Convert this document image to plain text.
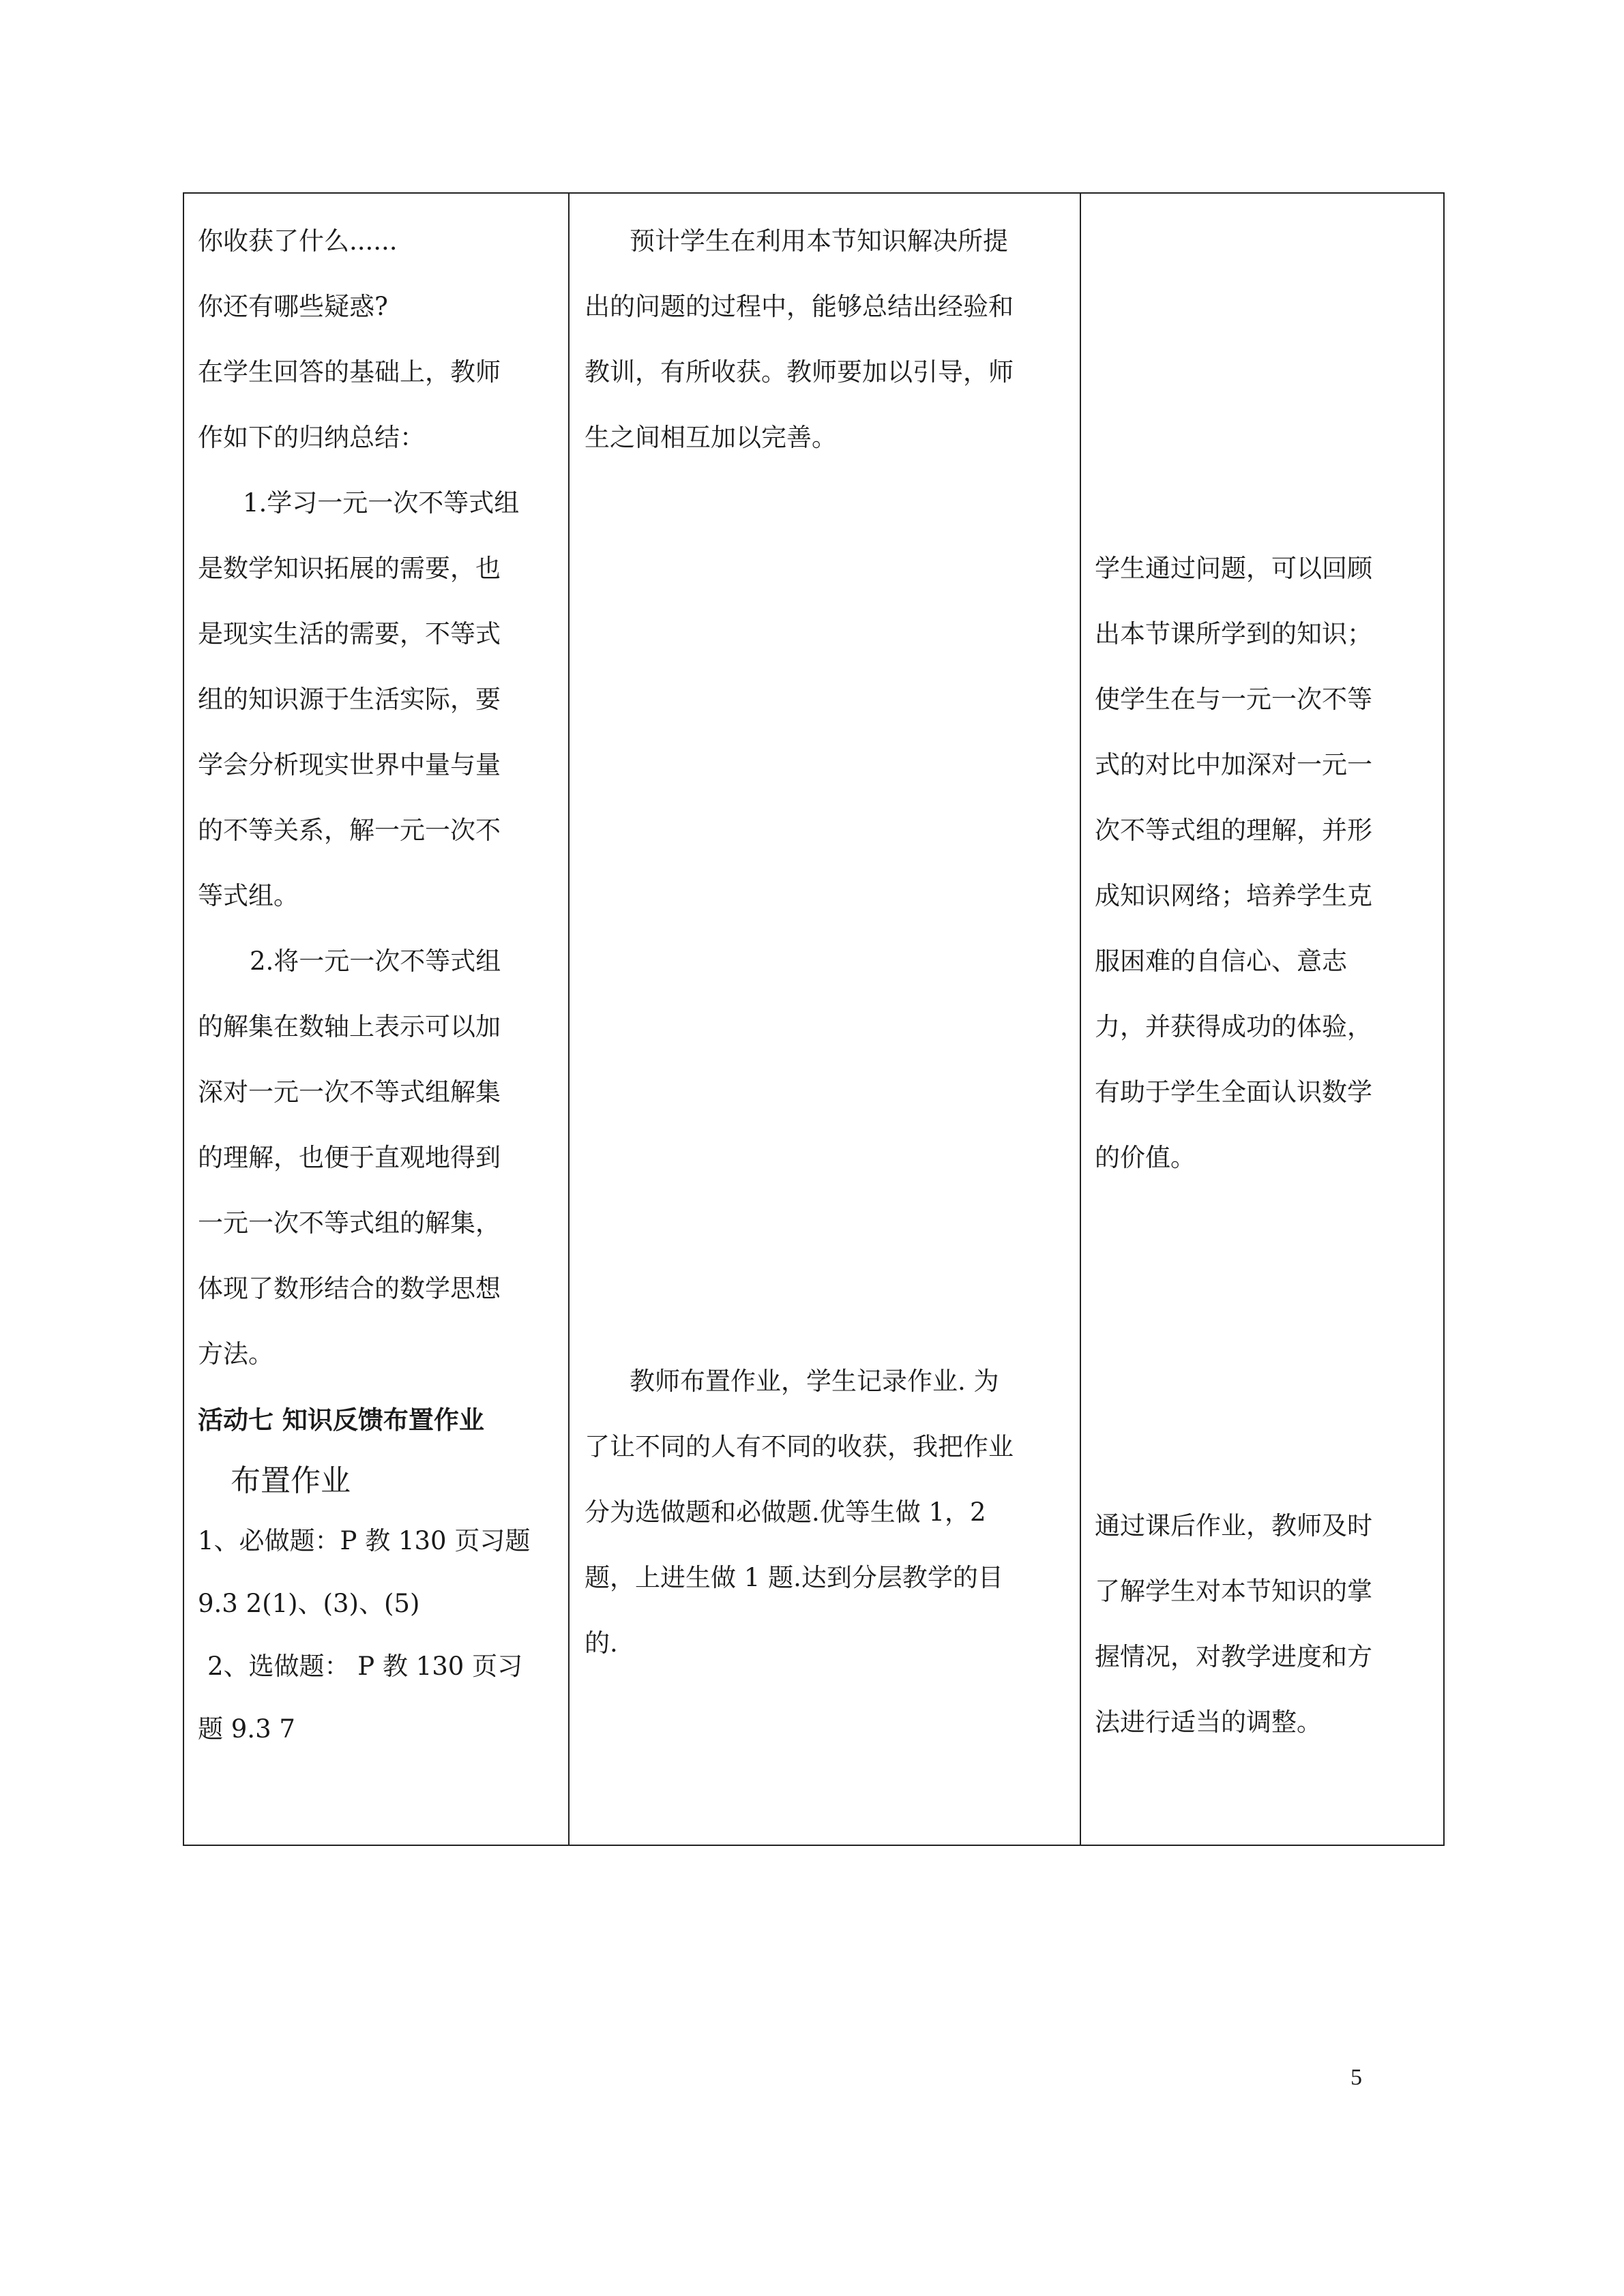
你收获了什么......
你还有哪些疑惑?
在学生回答的基础上，教师
作如下的归纳总结：
1.学习一元一次不等式组
是数学知识拓展的需要，也
是现实生活的需要，不等式
组的知识源于生活实际，要
学会分析现实世界中量与量
的不等关系，解一元一次不
等式组。
2.将一元一次不等式组
的解集在数轴上表示可以加
深对一元一次不等式组解集
的理解，也便于直观地得到
一元一次不等式组的解集，
体现了数形结合的数学思想
方法。
活动七 知识反馈布置作业
布置作业
1、必做题：P 教 130 页习题
9.3 2(1)、(3)、(5)
2、选做题： P 教 130 页习
题 9.3 7
预计学生在利用本节知识解决所提
出的问题的过程中，能够总结出经验和
教训，有所收获。教师要加以引导，师
生之间相互加以完善。
教师布置作业，学生记录作业. 为
了让不同的人有不同的收获，我把作业
分为选做题和必做题.优等生做 1，2
题，上进生做 1 题.达到分层教学的目
的.
学生通过问题，可以回顾
出本节课所学到的知识；
使学生在与一元一次不等
式的对比中加深对一元一
次不等式组的理解，并形
成知识网络；培养学生克
服困难的自信心、意志
力，并获得成功的体验，
有助于学生全面认识数学
的价值。
通过课后作业，教师及时
了解学生对本节知识的掌
握情况，对教学进度和方
法进行适当的调整。
5
